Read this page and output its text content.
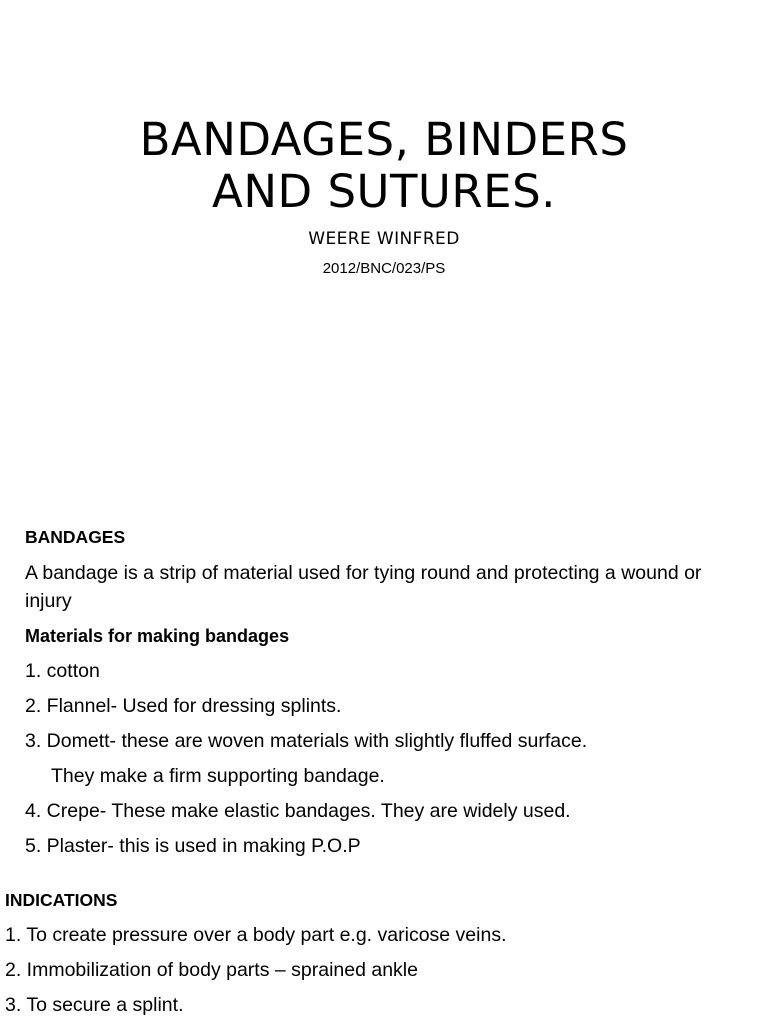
BANDAGES, BINDERS
AND SUTURES.
WEERE WINFRED
2012/BNC/023/PS
BANDAGES
A bandage is a strip of material used for tying round and protecting a wound or
injury
Materials for making bandages
1. cotton
2. Flannel- Used for dressing splints.
3. Domett- these are woven materials with slightly fluffed surface.
They make a firm supporting bandage.
4. Crepe- These make elastic bandages. They are widely used.
5. Plaster- this is used in making P.O.P
INDICATIONS
1. To create pressure over a body part e.g. varicose veins.
2. Immobilization of body parts – sprained ankle
3. To secure a splint.
